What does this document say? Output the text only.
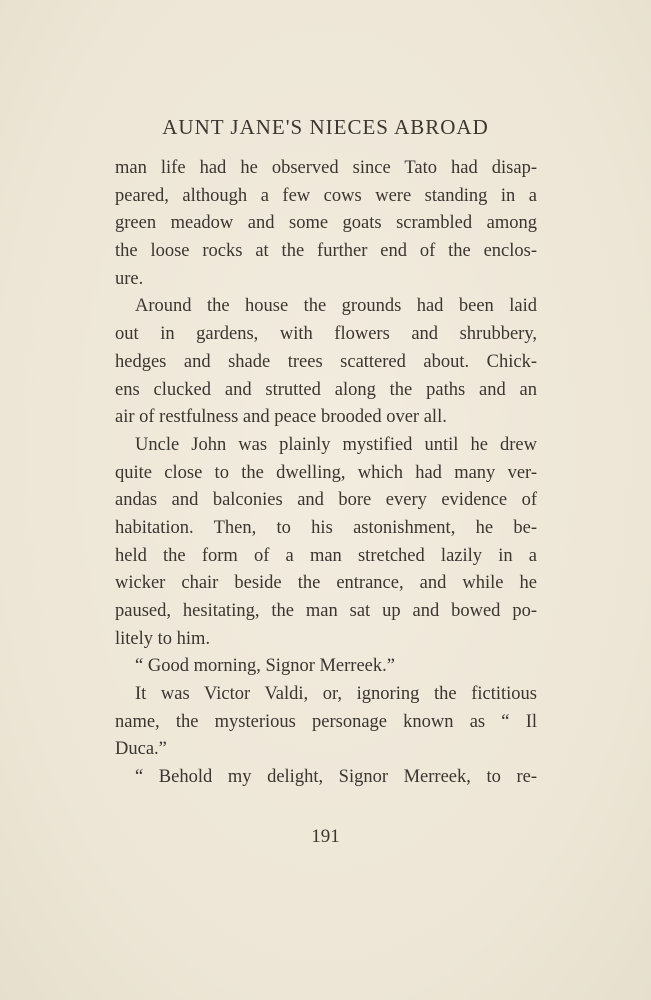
AUNT JANE'S NIECES ABROAD
man life had he observed since Tato had disap-
peared, although a few cows were standing in a
green meadow and some goats scrambled among
the loose rocks at the further end of the enclos-
ure.
Around the house the grounds had been laid
out in gardens, with flowers and shrubbery,
hedges and shade trees scattered about. Chick-
ens clucked and strutted along the paths and an
air of restfulness and peace brooded over all.
Uncle John was plainly mystified until he drew
quite close to the dwelling, which had many ver-
andas and balconies and bore every evidence of
habitation. Then, to his astonishment, he be-
held the form of a man stretched lazily in a
wicker chair beside the entrance, and while he
paused, hesitating, the man sat up and bowed po-
litely to him.
“ Good morning, Signor Merreek.”
It was Victor Valdi, or, ignoring the fictitious
name, the mysterious personage known as “ Il
Duca.”
“ Behold my delight, Signor Merreek, to re-
191
